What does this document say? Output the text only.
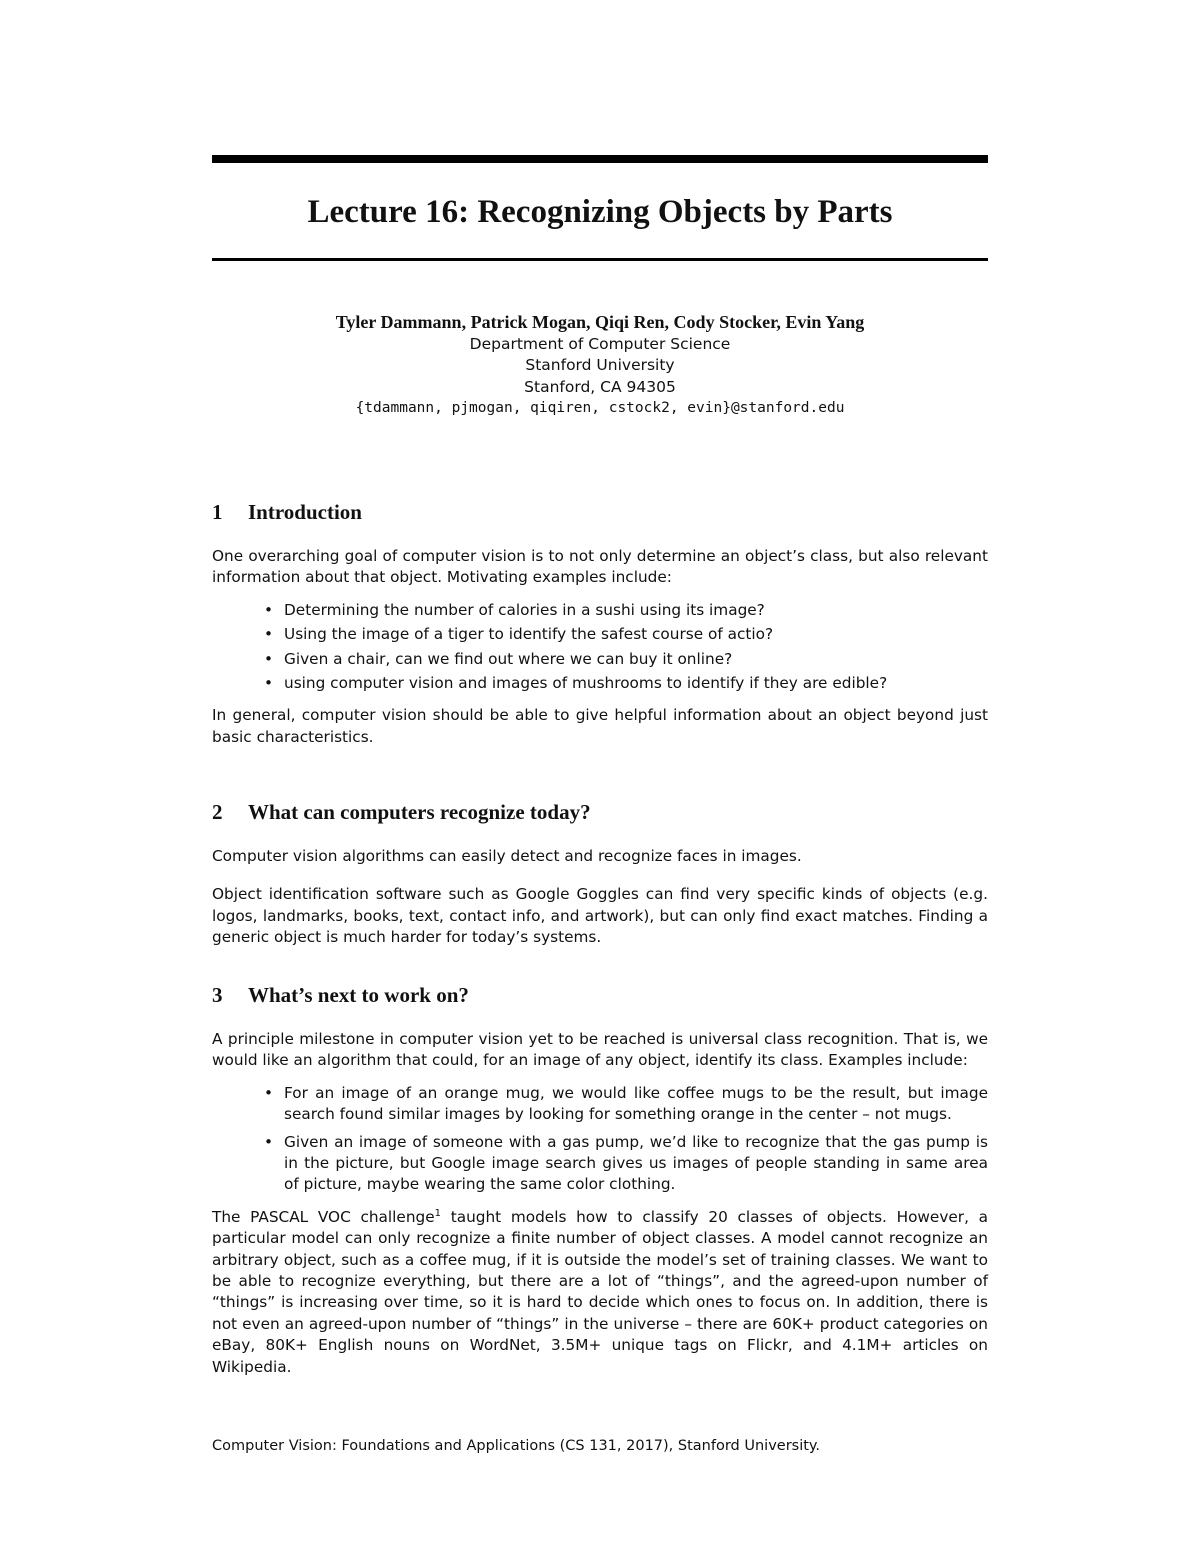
Lecture 16: Recognizing Objects by Parts
Tyler Dammann, Patrick Mogan, Qiqi Ren, Cody Stocker, Evin Yang
Department of Computer Science
Stanford University
Stanford, CA 94305
{tdammann, pjmogan, qiqiren, cstock2, evin}@stanford.edu
1	Introduction

One overarching goal of computer vision is to not only determine an object’s class, but also relevant information about that object. Motivating examples include:

• Determining the number of calories in a sushi using its image?
• Using the image of a tiger to identify the safest course of actio?
• Given a chair, can we find out where we can buy it online?
• using computer vision and images of mushrooms to identify if they are edible?

In general, computer vision should be able to give helpful information about an object beyond just basic characteristics.

2	What can computers recognize today?

Computer vision algorithms can easily detect and recognize faces in images.

Object identification software such as Google Goggles can find very specific kinds of objects (e.g. logos, landmarks, books, text, contact info, and artwork), but can only find exact matches. Finding a generic object is much harder for today’s systems.

3	What’s next to work on?

A principle milestone in computer vision yet to be reached is universal class recognition. That is, we would like an algorithm that could, for an image of any object, identify its class. Examples include:

• For an image of an orange mug, we would like coffee mugs to be the result, but image search found similar images by looking for something orange in the center – not mugs.
• Given an image of someone with a gas pump, we’d like to recognize that the gas pump is in the picture, but Google image search gives us images of people standing in same area of picture, maybe wearing the same color clothing.

The PASCAL VOC challenge$^1$ taught models how to classify 20 classes of objects. However, a particular model can only recognize a finite number of object classes. A model cannot recognize an arbitrary object, such as a coffee mug, if it is outside the model’s set of training classes. We want to be able to recognize everything, but there are a lot of “things”, and the agreed-upon number of “things” is increasing over time, so it is hard to decide which ones to focus on. In addition, there is not even an agreed-upon number of “things” in the universe – there are 60K+ product categories on eBay, 80K+ English nouns on WordNet, 3.5M+ unique tags on Flickr, and 4.1M+ articles on Wikipedia.

Computer Vision: Foundations and Applications (CS 131, 2017), Stanford University.
